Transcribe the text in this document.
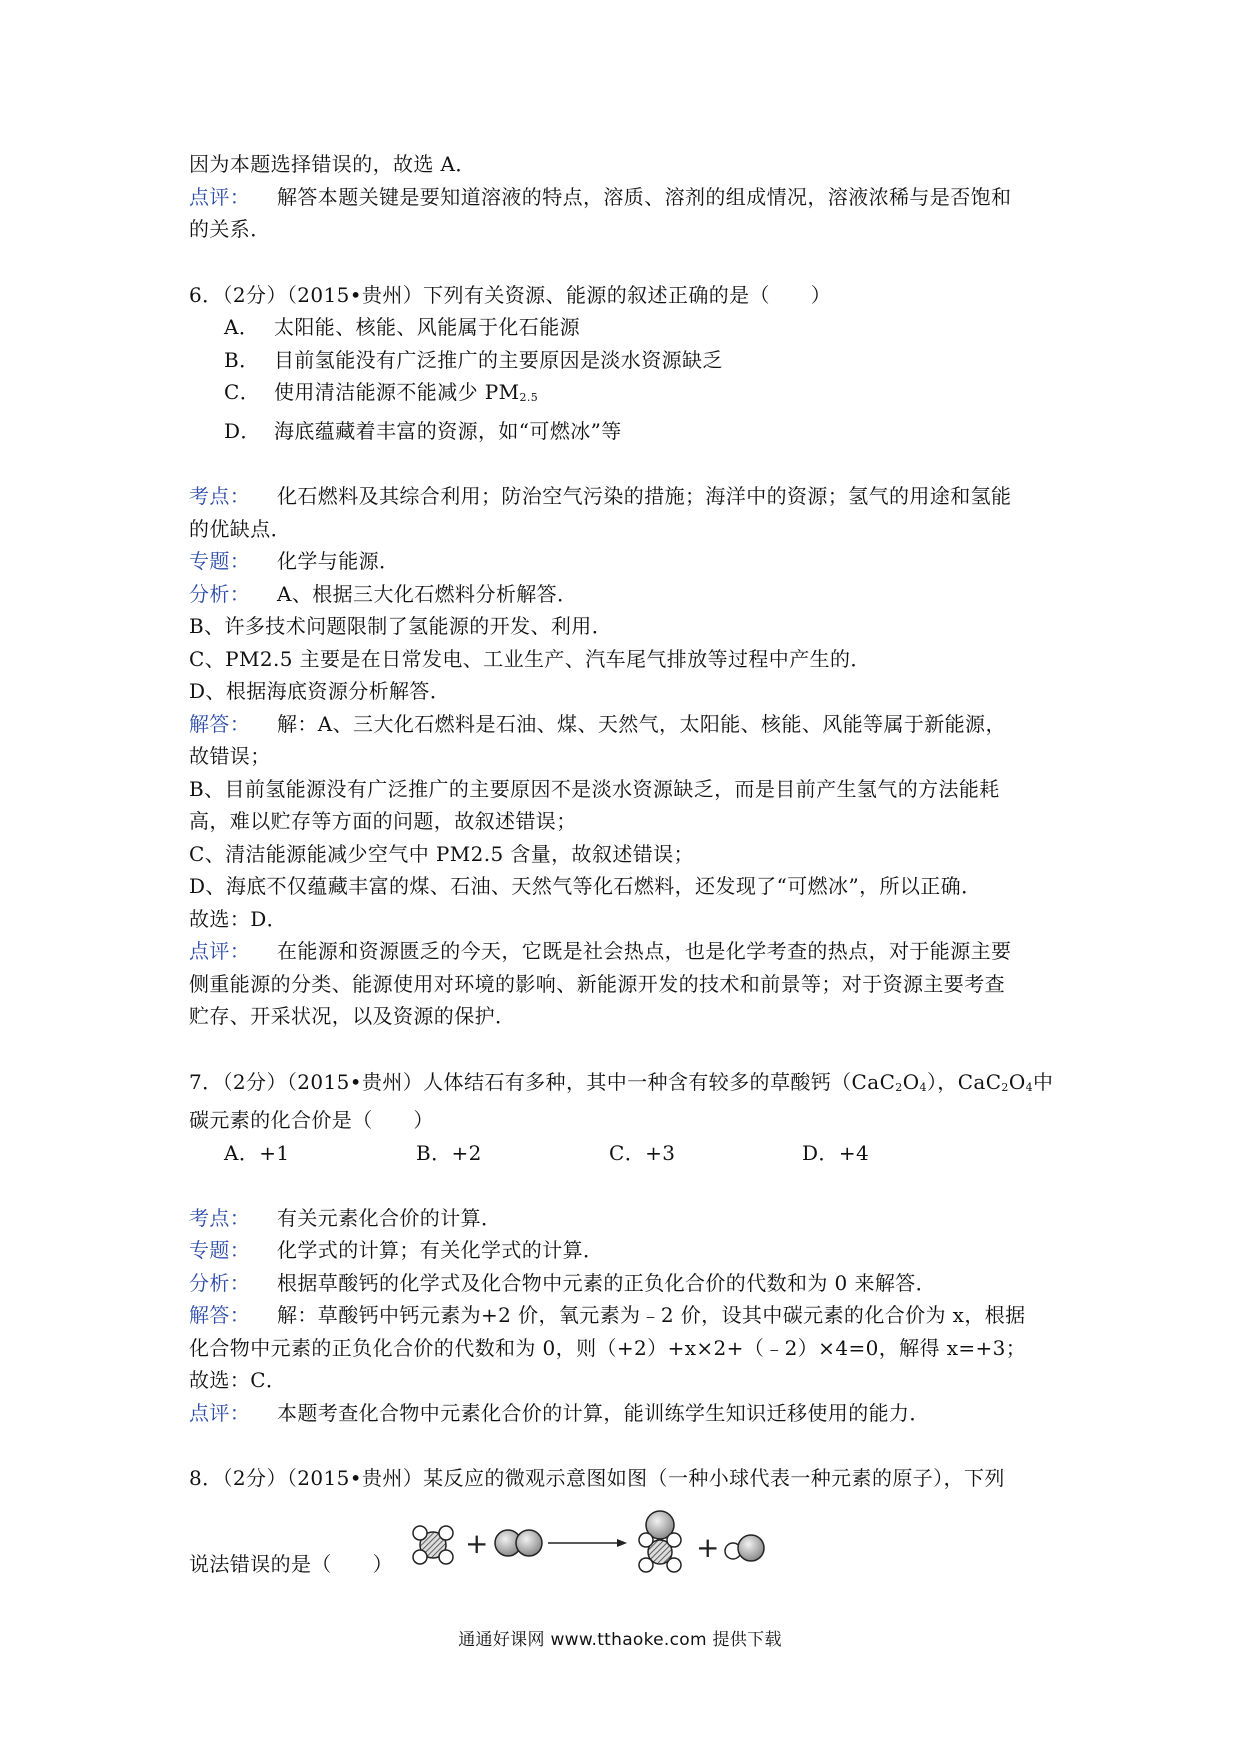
因为本题选择错误的，故选 A．
点评： 解答本题关键是要知道溶液的特点，溶质、溶剂的组成情况，溶液浓稀与是否饱和
的关系．
6．（2分）（2015•贵州）下列有关资源、能源的叙述正确的是（　　）
A． 太阳能、核能、风能属于化石能源
B． 目前氢能没有广泛推广的主要原因是淡水资源缺乏
C． 使用清洁能源不能减少 $PM_{2.5}$
D． 海底蕴藏着丰富的资源，如“可燃冰”等
考点： 化石燃料及其综合利用；防治空气污染的措施；海洋中的资源；氢气的用途和氢能
的优缺点．
专题： 化学与能源．
分析： A、根据三大化石燃料分析解答．
B、许多技术问题限制了氢能源的开发、利用．
C、PM2.5 主要是在日常发电、工业生产、汽车尾气排放等过程中产生的．
D、根据海底资源分析解答．
解答： 解：A、三大化石燃料是石油、煤、天然气，太阳能、核能、风能等属于新能源，
故错误；
B、目前氢能源没有广泛推广的主要原因不是淡水资源缺乏，而是目前产生氢气的方法能耗
高，难以贮存等方面的问题，故叙述错误；
C、清洁能源能减少空气中 PM2.5 含量，故叙述错误；
D、海底不仅蕴藏丰富的煤、石油、天然气等化石燃料，还发现了“可燃冰”，所以正确．
故选：D．
点评： 在能源和资源匮乏的今天，它既是社会热点，也是化学考查的热点，对于能源主要
侧重能源的分类、能源使用对环境的影响、新能源开发的技术和前景等；对于资源主要考查
贮存、开采状况，以及资源的保护．
7．（2分）（2015•贵州）人体结石有多种，其中一种含有较多的草酸钙$(CaC_2O_4)$，$CaC_2O_4$中
碳元素的化合价是（　　）
A．+1	B．+2	C．+3	D．+4
考点： 有关元素化合价的计算．
专题： 化学式的计算；有关化学式的计算．
分析： 根据草酸钙的化学式及化合物中元素的正负化合价的代数和为 0 来解答．
解答： 解：草酸钙中钙元素为+2 价，氧元素为﹣2 价，设其中碳元素的化合价为 x，根据
化合物中元素的正负化合价的代数和为 0，则（+2）+x×2+（﹣2）×4=0，解得 x=+3；
故选：C．
点评： 本题考查化合物中元素化合价的计算，能训练学生知识迁移使用的能力．
8．（2分）（2015•贵州）某反应的微观示意图如图（一种小球代表一种元素的原子），下列
说法错误的是（　　）
+	+
通通好课网 www.tthaoke.com 提供下载
